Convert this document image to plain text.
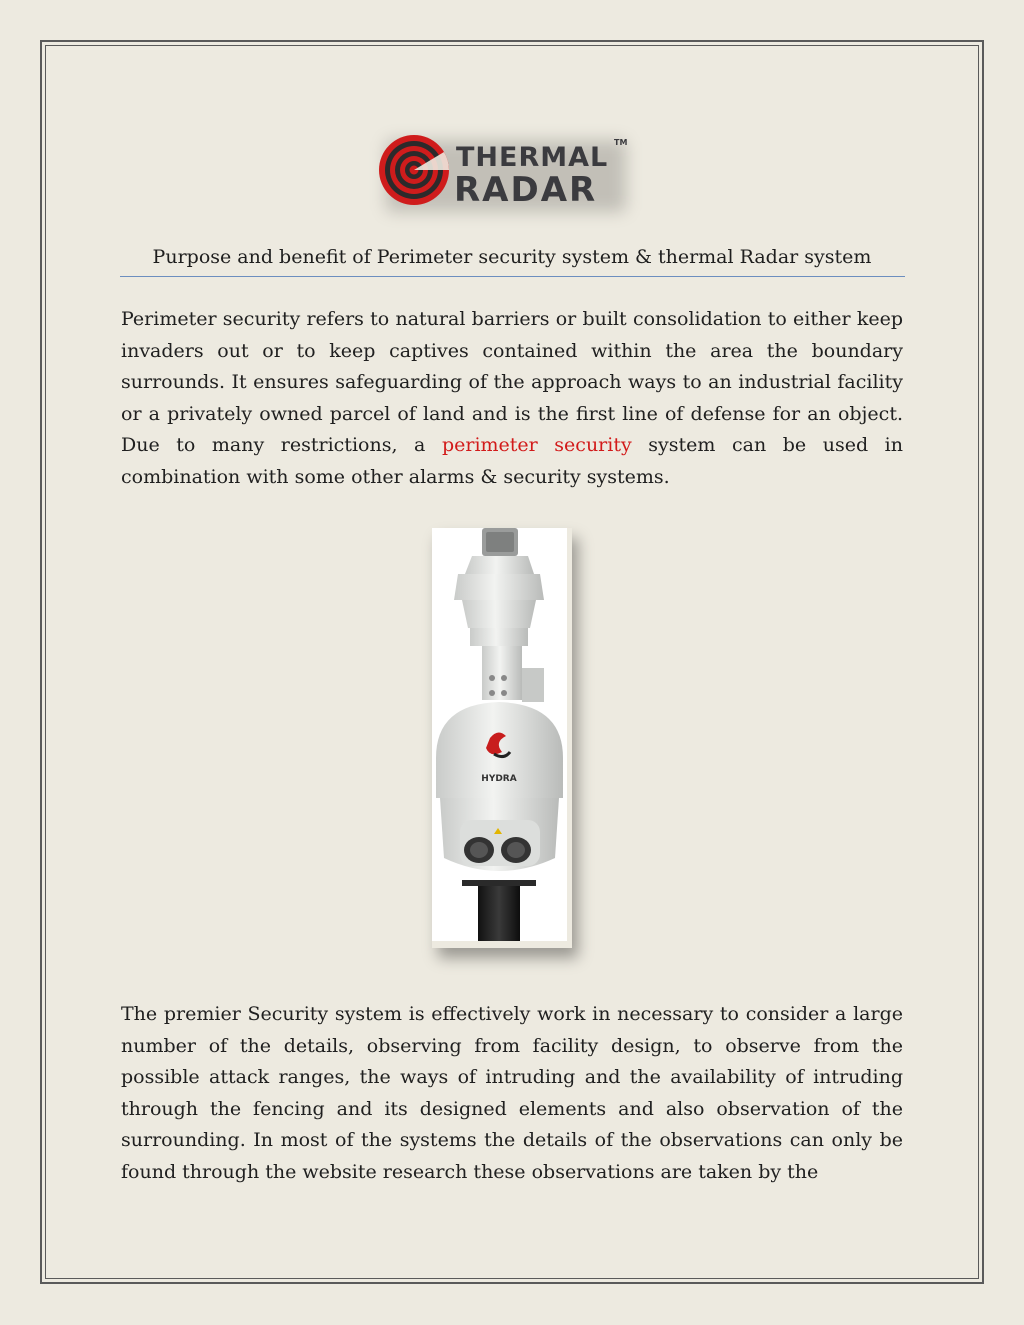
THERMAL TM
RADAR
Purpose and benefit of Perimeter security system & thermal Radar system

Perimeter security refers to natural barriers or built consolidation to either keep invaders out or to keep captives contained within the area the boundary surrounds. It ensures safeguarding of the approach ways to an industrial facility or a privately owned parcel of land and is the first line of defense for an object. Due to many restrictions, a perimeter security system can be used in combination with some other alarms & security systems.

HYDRA

The premier Security system is effectively work in necessary to consider a large number of the details, observing from facility design, to observe from the possible attack ranges, the ways of intruding and the availability of intruding through the fencing and its designed elements and also observation of the surrounding. In most of the systems the details of the observations can only be found through the website research these observations are taken by the
